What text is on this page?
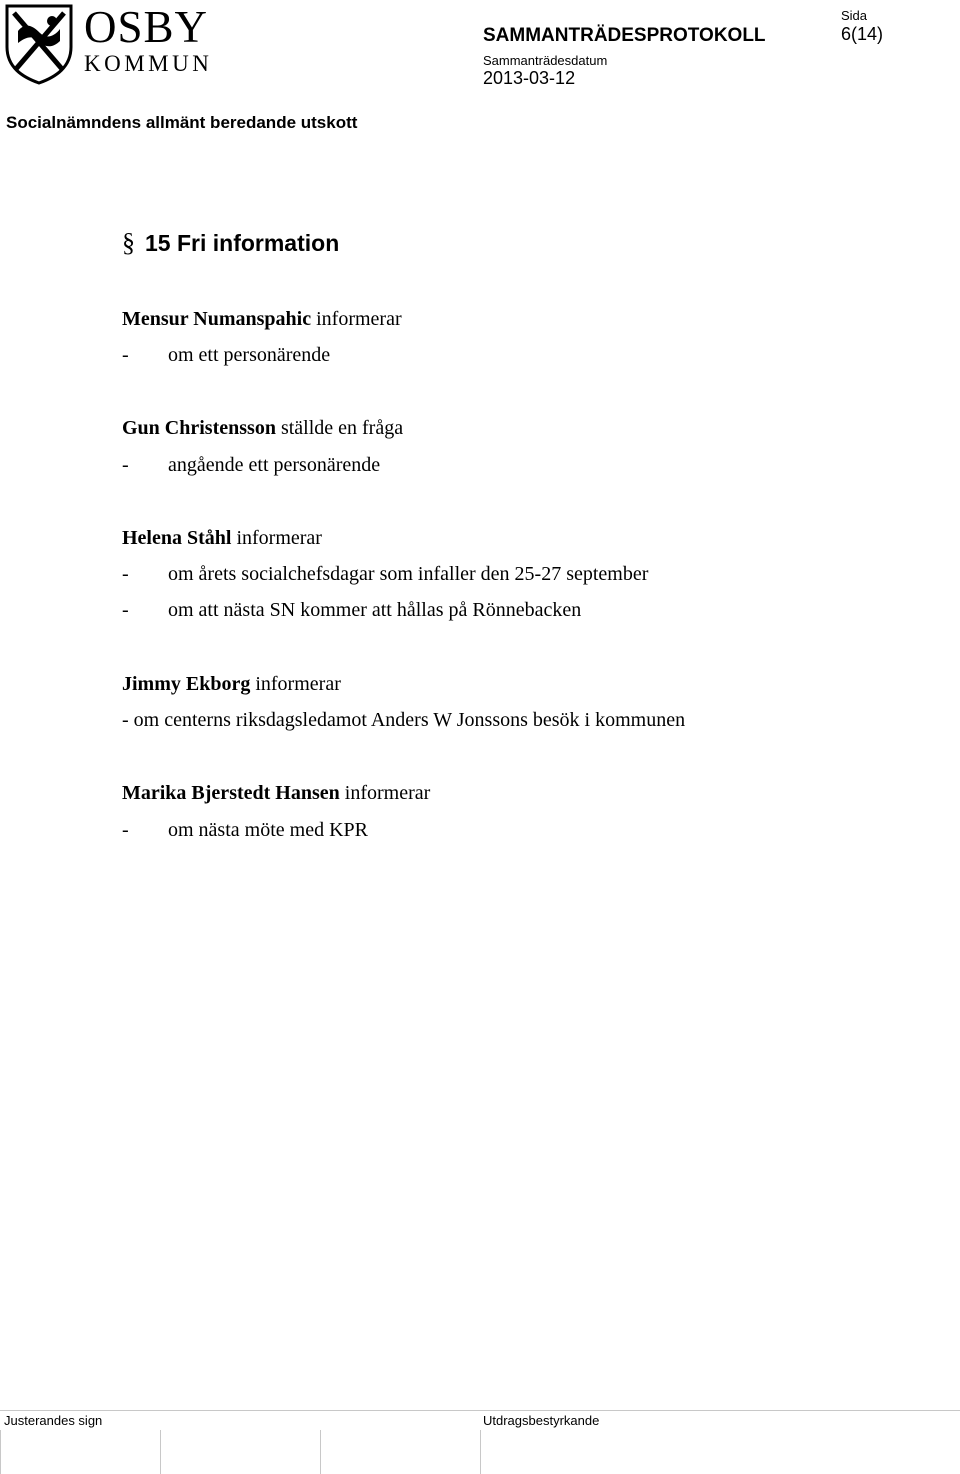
OSBY
KOMMUN
SAMMANTRÄDESPROTOKOLL
Sammanträdesdatum
2013-03-12
Sida
6(14)
Socialnämndens allmänt beredande utskott
§ 15 Fri information
Mensur Numanspahic informerar
- om ett personärende
Gun Christensson ställde en fråga
- angående ett personärende
Helena Ståhl informerar
- om årets socialchefsdagar som infaller den 25-27 september
- om att nästa SN kommer att hållas på Rönnebacken
Jimmy Ekborg informerar
- om centerns riksdagsledamot Anders W Jonssons besök i kommunen
Marika Bjerstedt Hansen informerar
- om nästa möte med KPR
Justerandes sign	Utdragsbestyrkande
